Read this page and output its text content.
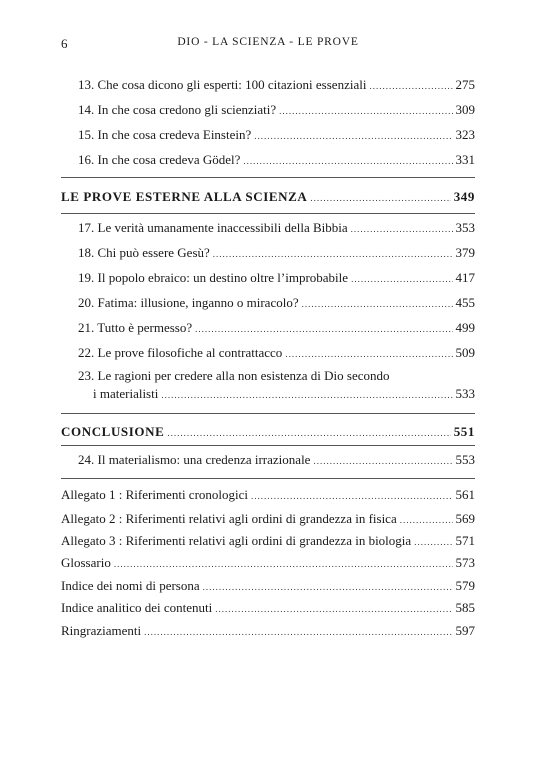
6	DIO - LA SCIENZA - LE PROVE
13. Che cosa dicono gli esperti: 100 citazioni essenziali .....	275
14. In che cosa credono gli scienziati? .....	309
15. In che cosa credeva Einstein? .....	323
16. In che cosa credeva Gödel? .....	331
LE PROVE ESTERNE ALLA SCIENZA .....	349
17. Le verità umanamente inaccessibili della Bibbia .....	353
18. Chi può essere Gesù? .....	379
19. Il popolo ebraico: un destino oltre l’improbabile .....	417
20. Fatima: illusione, inganno o miracolo? .....	455
21. Tutto è permesso? .....	499
22. Le prove filosofiche al contrattacco .....	509
23. Le ragioni per credere alla non esistenza di Dio secondo
i materialisti .....	533
CONCLUSIONE .....	551
24. Il materialismo: una credenza irrazionale .....	553
Allegato 1 : Riferimenti cronologici .....	561
Allegato 2 : Riferimenti relativi agli ordini di grandezza in fisica .....	569
Allegato 3 : Riferimenti relativi agli ordini di grandezza in biologia .....	571
Glossario .....	573
Indice dei nomi di persona .....	579
Indice analitico dei contenuti .....	585
Ringraziamenti .....	597
